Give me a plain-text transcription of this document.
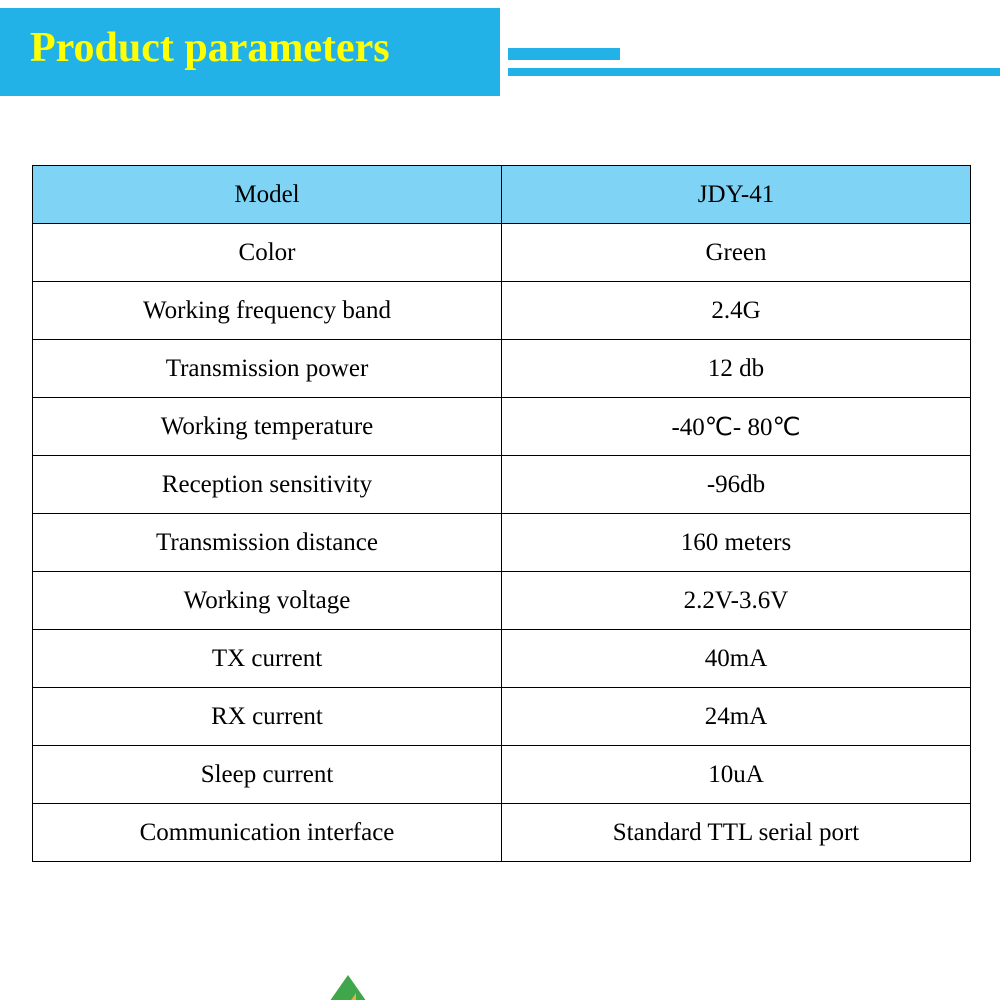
Product parameters
Model	JDY-41
Color	Green
Working frequency band	2.4G
Transmission power	12 db
Working temperature	-40℃- 80℃
Reception sensitivity	-96db
Transmission distance	160 meters
Working voltage	2.2V-3.6V
TX current	40mA
RX current	24mA
Sleep current	10uA
Communication interface	Standard TTL serial port
